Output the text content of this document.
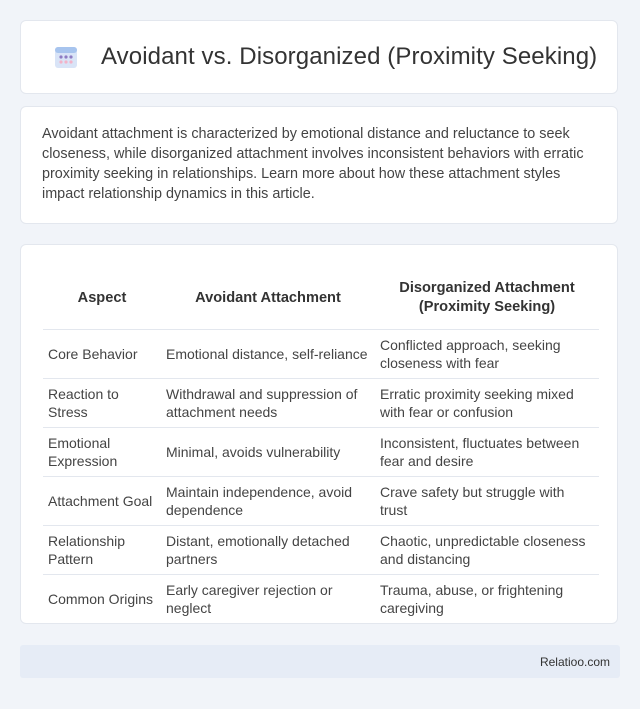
Avoidant vs. Disorganized (Proximity Seeking)

Avoidant attachment is characterized by emotional distance and reluctance to seek closeness, while disorganized attachment involves inconsistent behaviors with erratic proximity seeking in relationships. Learn more about how these attachment styles impact relationship dynamics in this article.

Aspect	Avoidant Attachment	Disorganized Attachment (Proximity Seeking)
Core Behavior	Emotional distance, self-reliance	Conflicted approach, seeking closeness with fear
Reaction to Stress	Withdrawal and suppression of attachment needs	Erratic proximity seeking mixed with fear or confusion
Emotional Expression	Minimal, avoids vulnerability	Inconsistent, fluctuates between fear and desire
Attachment Goal	Maintain independence, avoid dependence	Crave safety but struggle with trust
Relationship Pattern	Distant, emotionally detached partners	Chaotic, unpredictable closeness and distancing
Common Origins	Early caregiver rejection or neglect	Trauma, abuse, or frightening caregiving
Relatioo.com
